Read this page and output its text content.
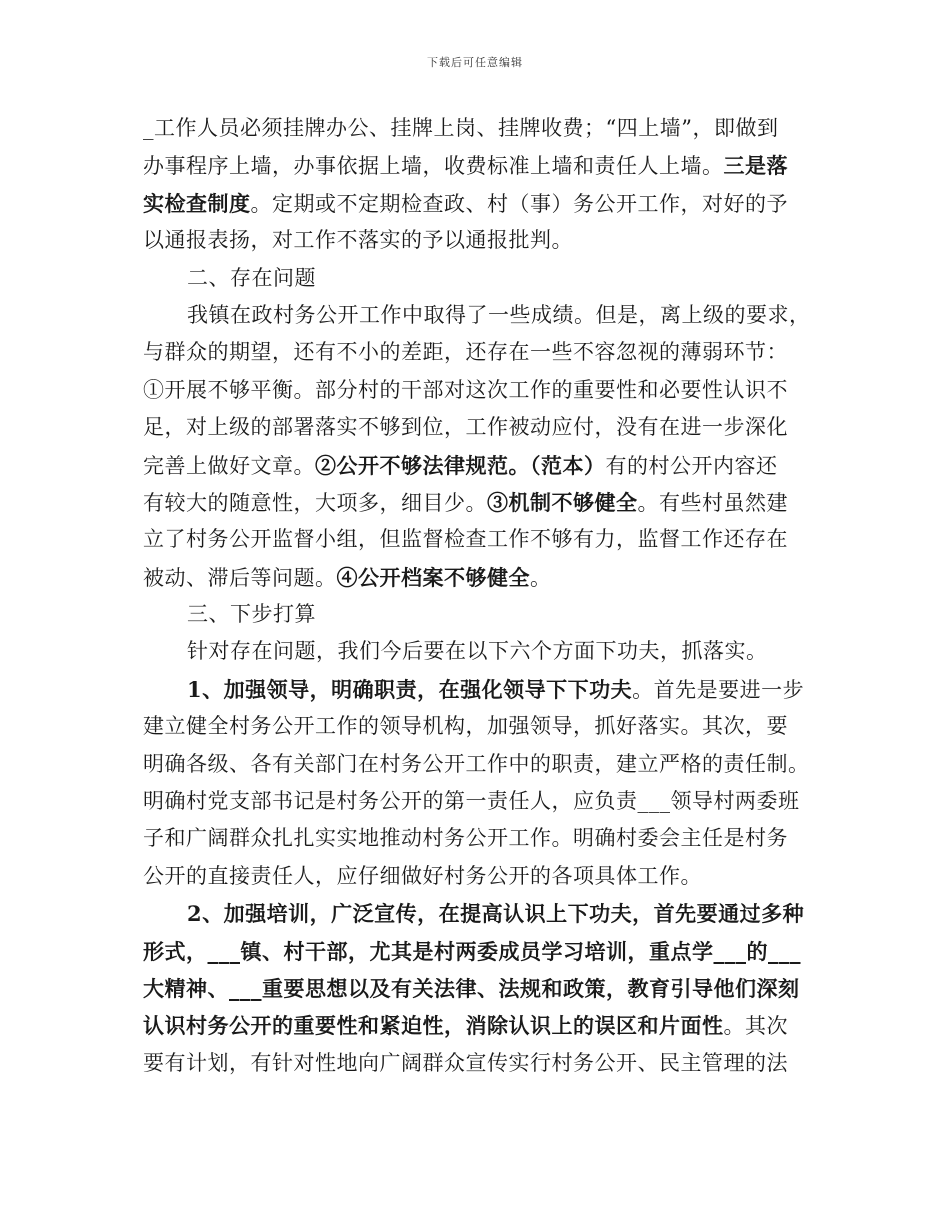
下载后可任意编辑
_工作人员必须挂牌办公、挂牌上岗、挂牌收费；“四上墙”，即做到
办事程序上墙，办事依据上墙，收费标准上墙和责任人上墙。三是落
实检查制度。定期或不定期检查政、村（事）务公开工作，对好的予
以通报表扬，对工作不落实的予以通报批判。
二、存在问题
我镇在政村务公开工作中取得了一些成绩。但是，离上级的要求，
与群众的期望，还有不小的差距，还存在一些不容忽视的薄弱环节：
①开展不够平衡。部分村的干部对这次工作的重要性和必要性认识不
足，对上级的部署落实不够到位，工作被动应付，没有在进一步深化
完善上做好文章。②公开不够法律规范。（范本）有的村公开内容还
有较大的随意性，大项多，细目少。③机制不够健全。有些村虽然建
立了村务公开监督小组，但监督检查工作不够有力，监督工作还存在
被动、滞后等问题。④公开档案不够健全。
三、下步打算
针对存在问题，我们今后要在以下六个方面下功夫，抓落实。
1、加强领导，明确职责，在强化领导下下功夫。首先是要进一步
建立健全村务公开工作的领导机构，加强领导，抓好落实。其次，要
明确各级、各有关部门在村务公开工作中的职责，建立严格的责任制。
明确村党支部书记是村务公开的第一责任人，应负责___领导村两委班
子和广阔群众扎扎实实地推动村务公开工作。明确村委会主任是村务
公开的直接责任人，应仔细做好村务公开的各项具体工作。
2、加强培训，广泛宣传，在提高认识上下功夫，首先要通过多种
形式，___镇、村干部，尤其是村两委成员学习培训，重点学___的___
大精神、___重要思想以及有关法律、法规和政策，教育引导他们深刻
认识村务公开的重要性和紧迫性，消除认识上的误区和片面性。其次
要有计划，有针对性地向广阔群众宣传实行村务公开、民主管理的法
